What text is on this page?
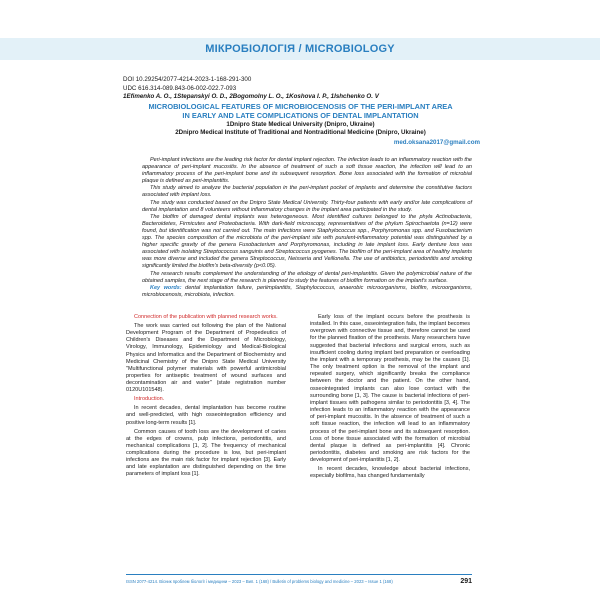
МІКРОБІОЛОГІЯ / MICROBIOLOGY
DOI 10.29254/2077-4214-2023-1-168-291-300
UDC 616.314-089.843-06-002-022.7-093
1Efimenko A. O., 1Stepanskyi O. D., 2Bogomolny L. O., 1Koshova I. P., 1Ishchenko O. V
MICROBIOLOGICAL FEATURES OF MICROBIOCENOSIS OF THE PERI-IMPLANT AREA
IN EARLY AND LATE COMPLICATIONS OF DENTAL IMPLANTATION
1Dnipro State Medical University (Dnipro, Ukraine)
2Dnipro Medical Institute of Traditional and Nontraditional Medicine (Dnipro, Ukraine)
med.oksana2017@gmail.com

Peri-implant infections are the leading risk factor for dental implant rejection. The infection leads to an inflammatory reaction with the appearance of peri-implant mucositis. In the absence of treatment of such a soft tissue reaction, the infection will lead to an inflammatory process of the peri-implant bone and its subsequent resorption. Bone loss associated with the formation of microbial plaque is defined as peri-implantitis.

This study aimed to analyze the bacterial population in the peri-implant pocket of implants and determine the constitutive factors associated with implant loss.

The study was conducted based on the Dnipro State Medical University. Thirty-four patients with early and/or late complications of dental implantation and 8 volunteers without inflammatory changes in the implant area participated in the study.

The biofilm of damaged dental implants was heterogeneous. Most identified cultures belonged to the phyla Actinobacteria, Bacteroidetes, Firmicutes and Proteobacteria. With dark-field microscopy, representatives of the phylum Spirochaetota (n=12) were found, but identification was not carried out. The main infections were Staphylococcus spp., Porphyromonas spp. and Fusobacterium spp. The species composition of the microbiota of the peri-implant site with purulent-inflammatory potential was distinguished by a higher specific gravity of the genera Fusobacterium and Porphyromonas, including in late implant loss. Early denture loss was associated with isolating Streptococcus sanguinis and Streptococcus pyogenes. The biofilm of the peri-implant area of healthy implants was more diverse and included the genera Streptococcus, Neisseria and Veillonella. The use of antibiotics, periodontitis and smoking significantly limited the biofilm's beta-diversity (p<0.05).

The research results complement the understanding of the etiology of dental peri-implantitis. Given the polymicrobial nature of the obtained samples, the next stage of the research is planned to study the features of biofilm formation on the implant's surface.

Key words: dental implantation failure, periimplantitis, Staphylococcus, anaerobic microorganisms, biofilm, microorganisms, microbiocenosis, microbiota, infection.

Connection of the publication with planned research works.

The work was carried out following the plan of the National Development Program of the Department of Propedeutics of Children's Diseases and the Department of Microbiology, Virology, Immunology, Epidemiology and Medical-Biological Physics and Informatics and the Department of Biochemistry and Medicinal Chemistry of the Dnipro State Medical University "Multifunctional polymer materials with powerful antimicrobial properties for antiseptic treatment of wound surfaces and decontamination air and water" (state registration number 0120U101548).

Introduction.

In recent decades, dental implantation has become routine and well-predicted, with high osseointegration efficiency and positive long-term results [1].

Common causes of tooth loss are the development of caries at the edges of crowns, pulp infections, periodontitis, and mechanical complications [1, 2]. The frequency of mechanical complications during the procedure is low, but peri-implant infections are the main risk factor for implant rejection [3]. Early and late explantation are distinguished depending on the time parameters of implant loss [1].

Early loss of the implant occurs before the prosthesis is installed. In this case, osseointegration fails, the implant becomes overgrown with connective tissue and, therefore cannot be used for the planned fixation of the prosthesis. Many researchers have suggested that bacterial infections and surgical errors, such as insufficient cooling during implant bed preparation or overloading the implant with a temporary prosthesis, may be the causes [1]. The only treatment option is the removal of the implant and repeated surgery, which significantly breaks the compliance between the doctor and the patient. On the other hand, osseointegrated implants can also lose contact with the surrounding bone [1, 3]. The cause is bacterial infections of peri-implant tissues with pathogens similar to periodontitis [3, 4]. The infection leads to an inflammatory reaction with the appearance of peri-implant mucositis. In the absence of treatment of such a soft tissue reaction, the infection will lead to an inflammatory process of the peri-implant bone and its subsequent resorption. Loss of bone tissue associated with the formation of microbial dental plaque is defined as peri-implantitis [4]. Chronic periodontitis, diabetes and smoking are risk factors for the development of peri-implantitis [1, 2].

In recent decades, knowledge about bacterial infections, especially biofilms, has changed fundamentally

ISSN 2077-4214. Вісник проблем біології і медицини – 2023 – Вип. 1 (168) / Bulletin of problems biology and medicine – 2023 – Issue 1 (168)	291
